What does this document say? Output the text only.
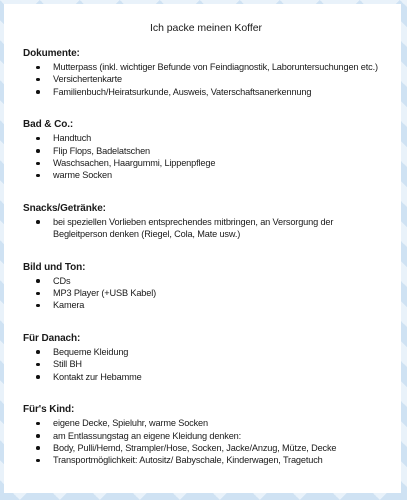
Ich packe meinen Koffer
Dokumente:
Mutterpass (inkl. wichtiger Befunde von Feindiagnostik, Laboruntersuchungen etc.)
Versichertenkarte
Familienbuch/Heiratsurkunde, Ausweis, Vaterschaftsanerkennung
Bad & Co.:
Handtuch
Flip Flops, Badelatschen
Waschsachen, Haargummi, Lippenpflege
warme Socken
Snacks/Getränke:
bei speziellen Vorlieben entsprechendes mitbringen, an Versorgung der Begleitperson denken (Riegel, Cola, Mate usw.)
Bild und Ton:
CDs
MP3 Player (+USB Kabel)
Kamera
Für Danach:
Bequeme Kleidung
Still BH
Kontakt zur Hebamme
Für's Kind:
eigene Decke, Spieluhr, warme Socken
am Entlassungstag an eigene Kleidung denken:
Body, Pulli/Hemd, Strampler/Hose, Socken, Jacke/Anzug, Mütze, Decke
Transportmöglichkeit: Autositz/ Babyschale, Kinderwagen, Tragetuch
